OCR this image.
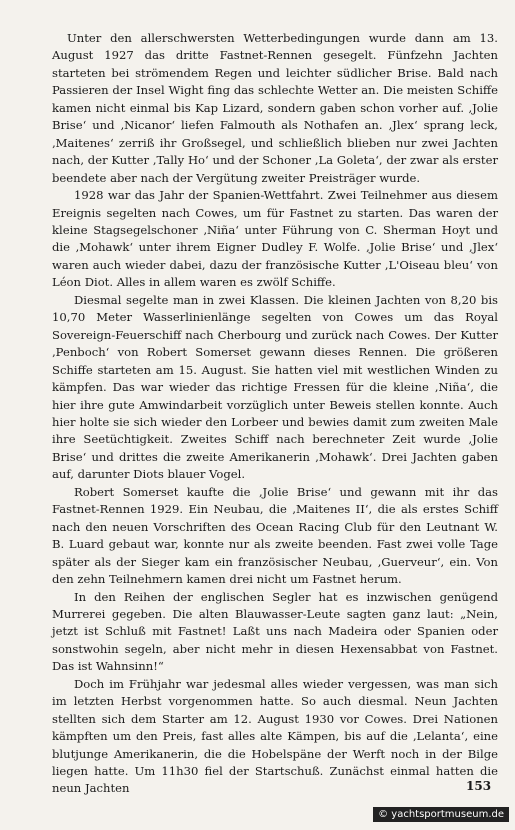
Unter den allerschwersten Wetterbedingungen wurde dann am 13. August 1927 das dritte Fastnet-Rennen gesegelt. Fünfzehn Jachten starteten bei strömendem Regen und leichter südlicher Brise. Bald nach Passieren der Insel Wight fing das schlechte Wetter an. Die meisten Schiffe kamen nicht einmal bis Kap Lizard, sondern gaben schon vorher auf. ‚Jolie Brise‘ und ‚Nicanor‘ liefen Falmouth als Nothafen an. ‚Jlex‘ sprang leck, ‚Maitenes‘ zerriß ihr Großsegel, und schließlich blieben nur zwei Jachten nach, der Kutter ‚Tally Ho‘ und der Schoner ‚La Goleta‘, der zwar als erster beendete aber nach der Vergütung zweiter Preisträger wurde.

1928 war das Jahr der Spanien-Wettfahrt. Zwei Teilnehmer aus diesem Ereignis segelten nach Cowes, um für Fastnet zu starten. Das waren der kleine Stagsegelschoner ‚Niña‘ unter Führung von C. Sherman Hoyt und die ‚Mohawk‘ unter ihrem Eigner Dudley F. Wolfe. ‚Jolie Brise‘ und ‚Jlex‘ waren auch wieder dabei, dazu der französische Kutter ‚L'Oiseau bleu‘ von Léon Diot. Alles in allem waren es zwölf Schiffe.

Diesmal segelte man in zwei Klassen. Die kleinen Jachten von 8,20 bis 10,70 Meter Wasserlinienlänge segelten von Cowes um das Royal Sovereign-Feuerschiff nach Cherbourg und zurück nach Cowes. Der Kutter ‚Penboch‘ von Robert Somerset gewann dieses Rennen. Die größeren Schiffe starteten am 15. August. Sie hatten viel mit westlichen Winden zu kämpfen. Das war wieder das richtige Fressen für die kleine ‚Niña‘, die hier ihre gute Amwindarbeit vorzüglich unter Beweis stellen konnte. Auch hier holte sie sich wieder den Lorbeer und bewies damit zum zweiten Male ihre Seetüchtigkeit. Zweites Schiff nach berechneter Zeit wurde ‚Jolie Brise‘ und drittes die zweite Amerikanerin ‚Mohawk‘. Drei Jachten gaben auf, darunter Diots blauer Vogel.

Robert Somerset kaufte die ‚Jolie Brise‘ und gewann mit ihr das Fastnet-Rennen 1929. Ein Neubau, die ‚Maitenes II‘, die als erstes Schiff nach den neuen Vorschriften des Ocean Racing Club für den Leutnant W. B. Luard gebaut war, konnte nur als zweite beenden. Fast zwei volle Tage später als der Sieger kam ein französischer Neubau, ‚Guerveur‘, ein. Von den zehn Teilnehmern kamen drei nicht um Fastnet herum.

In den Reihen der englischen Segler hat es inzwischen genügend Murrerei gegeben. Die alten Blauwasser-Leute sagten ganz laut: „Nein, jetzt ist Schluß mit Fastnet! Laßt uns nach Madeira oder Spanien oder sonstwohin segeln, aber nicht mehr in diesen Hexensabbat von Fastnet. Das ist Wahnsinn!“

Doch im Frühjahr war jedesmal alles wieder vergessen, was man sich im letzten Herbst vorgenommen hatte. So auch diesmal. Neun Jachten stellten sich dem Starter am 12. August 1930 vor Cowes. Drei Nationen kämpften um den Preis, fast alles alte Kämpen, bis auf die ‚Lelanta‘, eine blutjunge Amerikanerin, die die Hobelspäne der Werft noch in der Bilge liegen hatte. Um 11h30 fiel der Startschuß. Zunächst einmal hatten die neun Jachten	153
© yachtsportmuseum.de
